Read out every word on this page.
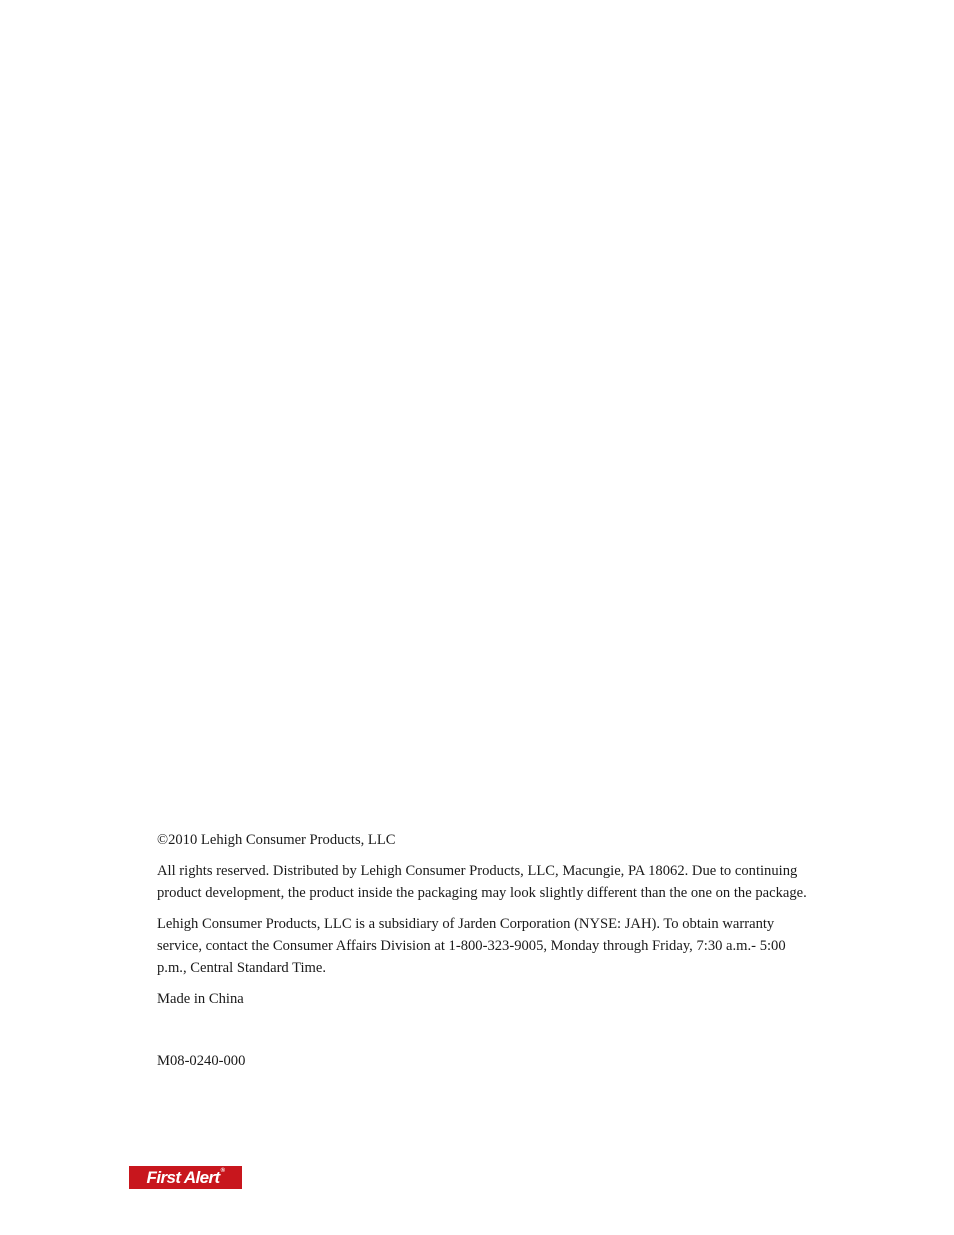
©2010 Lehigh Consumer Products, LLC

All rights reserved. Distributed by Lehigh Consumer Products, LLC, Macungie, PA 18062. Due to continuing product development, the product inside the packaging may look slightly different than the one on the package.

Lehigh Consumer Products, LLC is a subsidiary of Jarden Corporation (NYSE: JAH). To obtain warranty service, contact the Consumer Affairs Division at 1-800-323-9005, Monday through Friday, 7:30 a.m.- 5:00 p.m., Central Standard Time.

Made in China

M08-0240-000

First Alert®
